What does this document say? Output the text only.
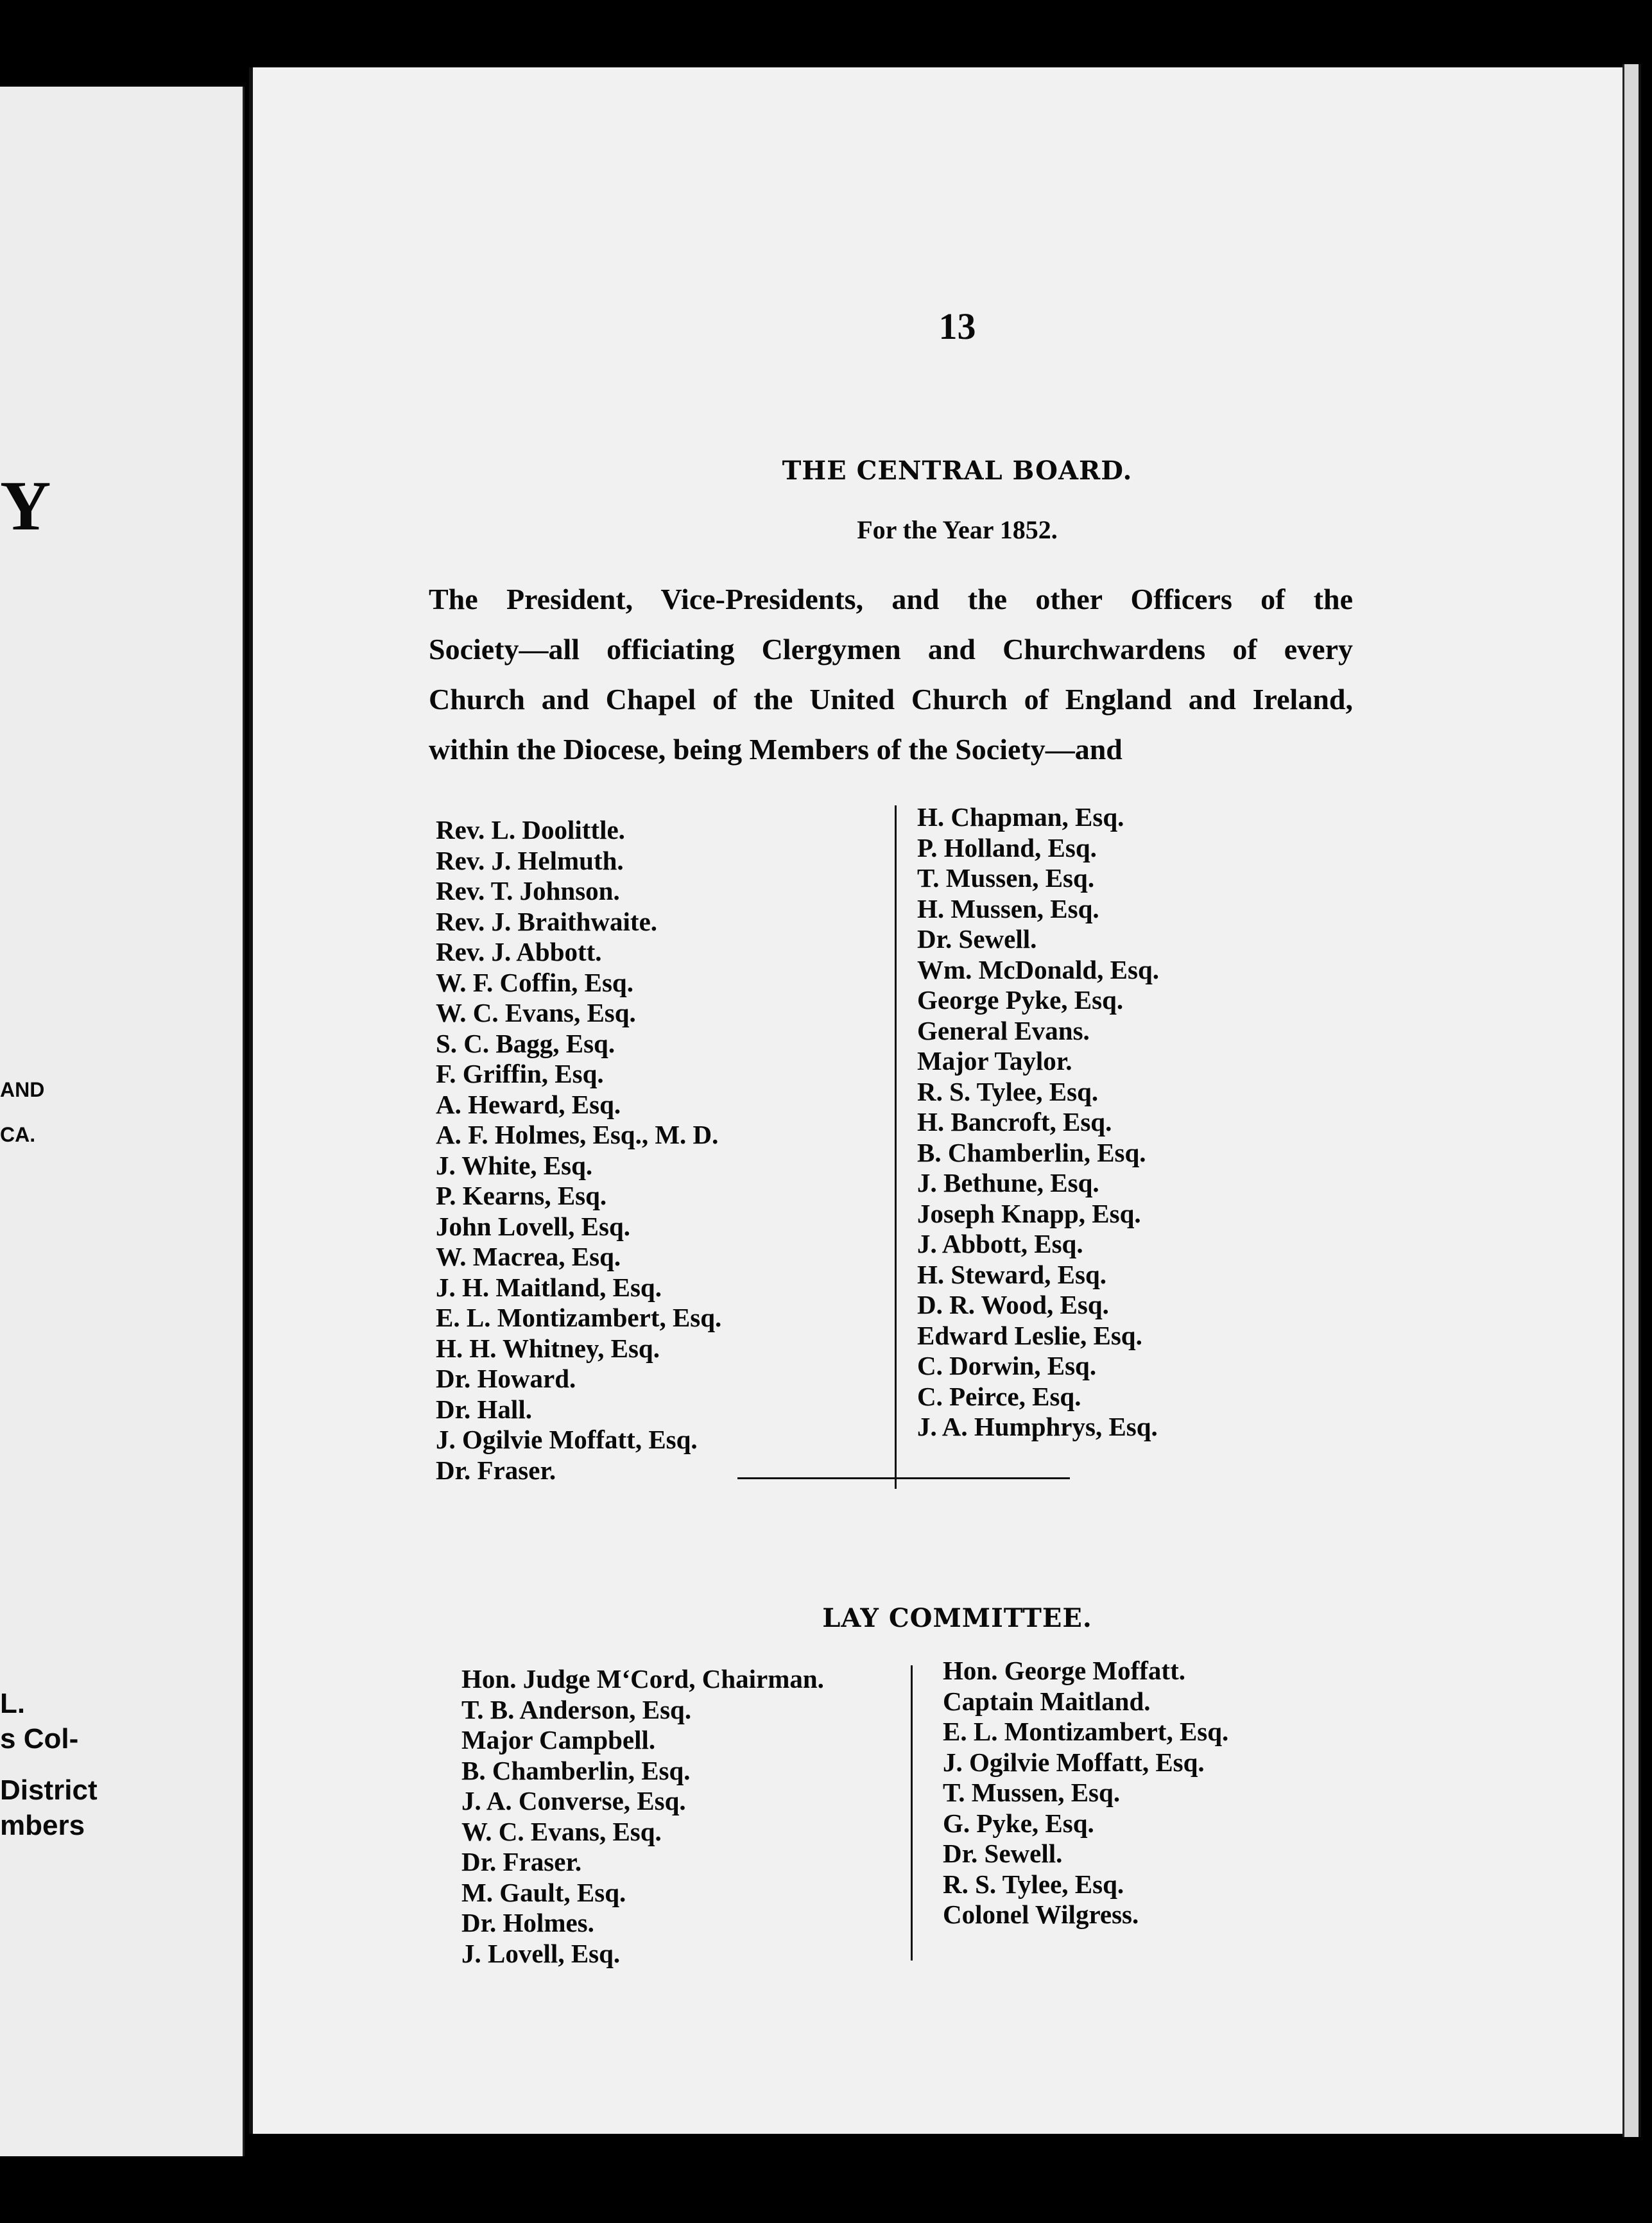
Y
AND
CA.
L.
s Col-
District
mbers
13
THE CENTRAL BOARD.
For the Year 1852.
The President, Vice-Presidents, and the other Officers of the
Society—all officiating Clergymen and Churchwardens of every
Church and Chapel of the United Church of England and Ireland,
within the Diocese, being Members of the Society—and
Rev. L. Doolittle.
Rev. J. Helmuth.
Rev. T. Johnson.
Rev. J. Braithwaite.
Rev. J. Abbott.
W. F. Coffin, Esq.
W. C. Evans, Esq.
S. C. Bagg, Esq.
F. Griffin, Esq.
A. Heward, Esq.
A. F. Holmes, Esq., M. D.
J. White, Esq.
P. Kearns, Esq.
John Lovell, Esq.
W. Macrea, Esq.
J. H. Maitland, Esq.
E. L. Montizambert, Esq.
H. H. Whitney, Esq.
Dr. Howard.
Dr. Hall.
J. Ogilvie Moffatt, Esq.
Dr. Fraser.
H. Chapman, Esq.
P. Holland, Esq.
T. Mussen, Esq.
H. Mussen, Esq.
Dr. Sewell.
Wm. McDonald, Esq.
George Pyke, Esq.
General Evans.
Major Taylor.
R. S. Tylee, Esq.
H. Bancroft, Esq.
B. Chamberlin, Esq.
J. Bethune, Esq.
Joseph Knapp, Esq.
J. Abbott, Esq.
H. Steward, Esq.
D. R. Wood, Esq.
Edward Leslie, Esq.
C. Dorwin, Esq.
C. Peirce, Esq.
J. A. Humphrys, Esq.
LAY COMMITTEE.
Hon. Judge M‘Cord, Chairman.
T. B. Anderson, Esq.
Major Campbell.
B. Chamberlin, Esq.
J. A. Converse, Esq.
W. C. Evans, Esq.
Dr. Fraser.
M. Gault, Esq.
Dr. Holmes.
J. Lovell, Esq.
Hon. George Moffatt.
Captain Maitland.
E. L. Montizambert, Esq.
J. Ogilvie Moffatt, Esq.
T. Mussen, Esq.
G. Pyke, Esq.
Dr. Sewell.
R. S. Tylee, Esq.
Colonel Wilgress.
